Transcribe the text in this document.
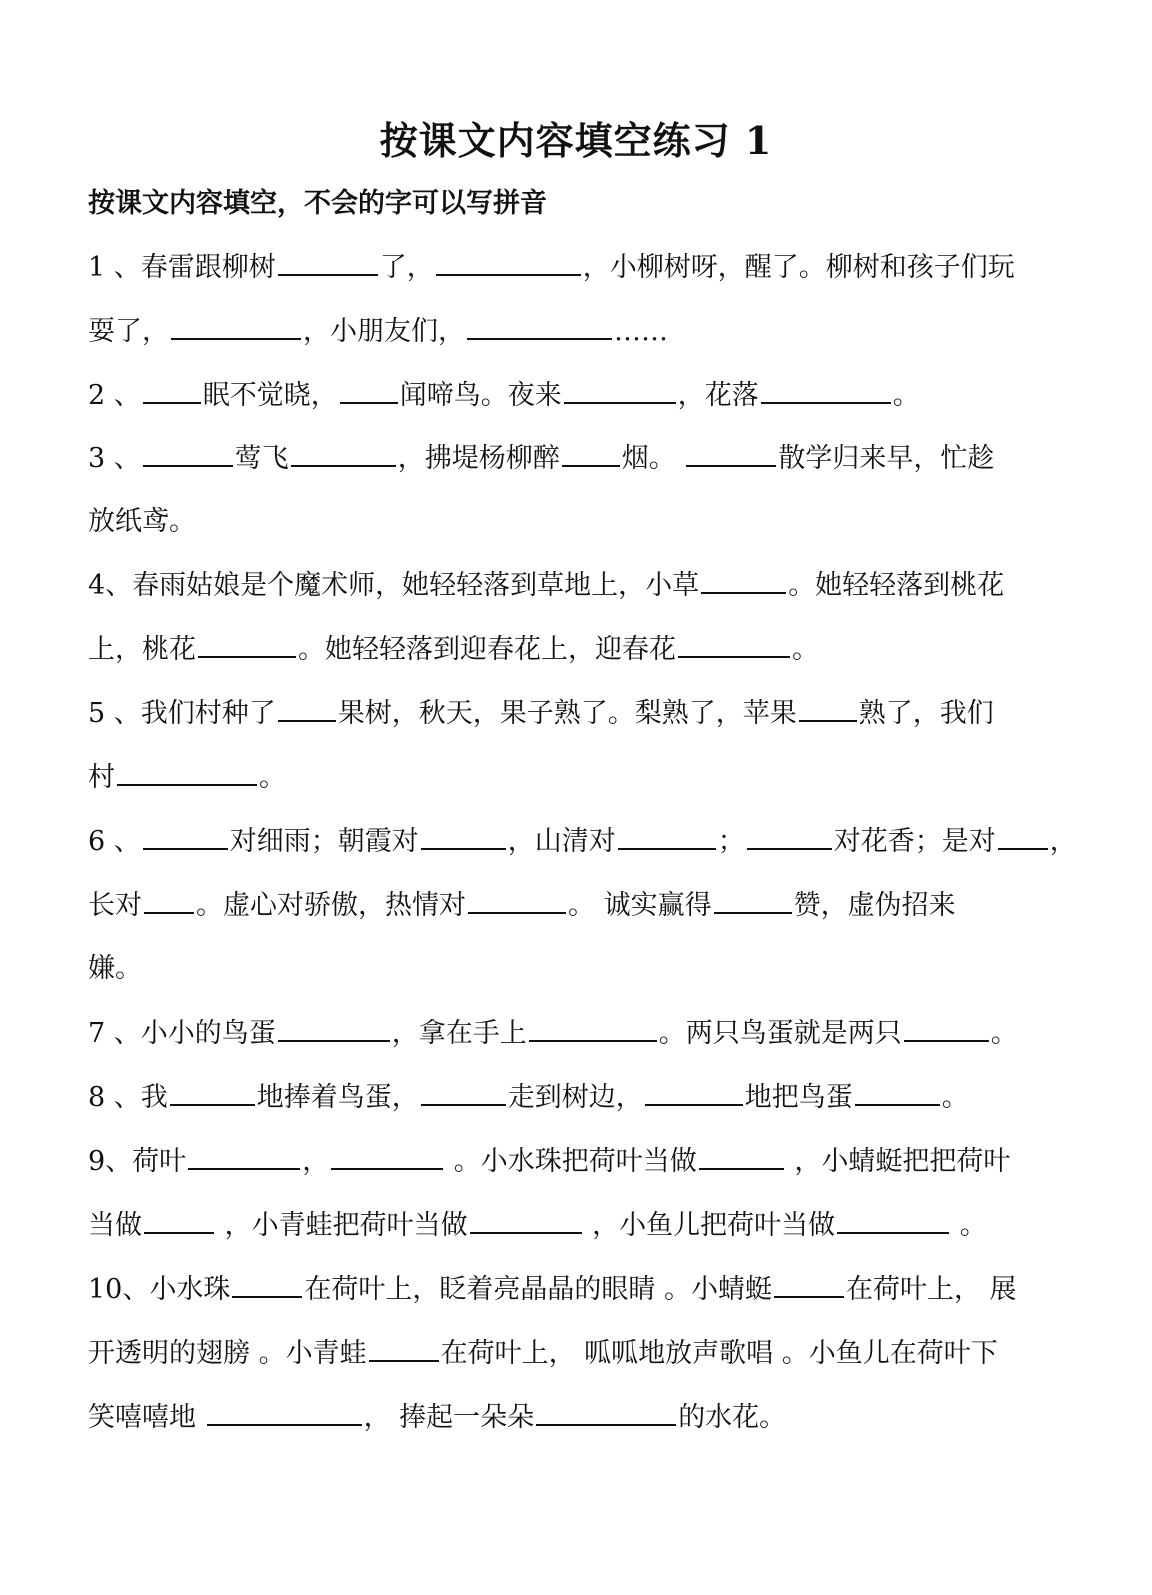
按课文内容填空练习 1
按课文内容填空，不会的字可以写拼音
1 、春雷跟柳树	了，	，小柳树呀，醒了。柳树和孩子们玩
耍了，	，小朋友们，	……
2 、 眠不觉晓， 闻啼鸟。夜来	，花落	。
3 、	莺飞	，拂堤杨柳醉 烟。	散学归来早，忙趁
放纸鸢。
4、春雨姑娘是个魔术师，她轻轻落到草地上，小草	。她轻轻落到桃花
上，桃花	。她轻轻落到迎春花上，迎春花	。
5 、我们村种了 果树，秋天，果子熟了。梨熟了，苹果 熟了，我们
村	。
6 、	对细雨；朝霞对	，山清对	；	对花香；是对 ，
长对 。虚心对骄傲，热情对	。 诚实赢得	赞，虚伪招来
嫌。
7 、小小的鸟蛋	，拿在手上	。两只鸟蛋就是两只	。
8 、我	地捧着鸟蛋，	走到树边，	地把鸟蛋	。
9、荷叶	，	。小水珠把荷叶当做	，小蜻蜓把把荷叶
当做	，小青蛙把荷叶当做	，小鱼儿把荷叶当做	。
10、小水珠	在荷叶上，眨着亮晶晶的眼睛 。小蜻蜓	在荷叶上， 展
开透明的翅膀 。小青蛙	在荷叶上， 呱呱地放声歌唱 。小鱼儿在荷叶下
笑嘻嘻地	， 捧起一朵朵	的水花。
